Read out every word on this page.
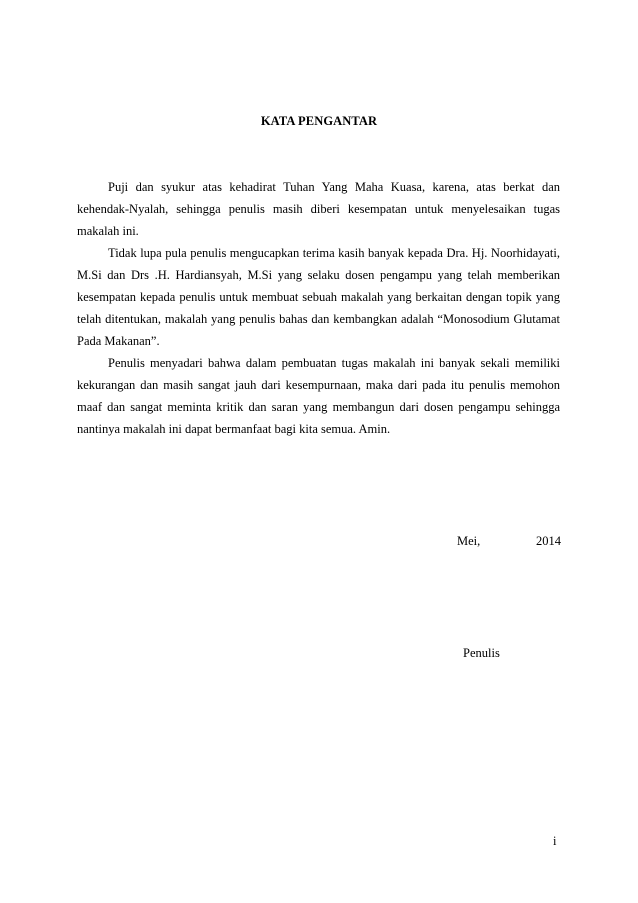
KATA PENGANTAR

Puji dan syukur atas kehadirat Tuhan Yang Maha Kuasa, karena, atas berkat dan kehendak-Nyalah, sehingga penulis masih diberi kesempatan untuk menyelesaikan tugas makalah ini.

Tidak lupa pula penulis mengucapkan terima kasih banyak kepada Dra. Hj. Noorhidayati, M.Si dan Drs .H. Hardiansyah, M.Si yang selaku dosen pengampu yang telah memberikan kesempatan kepada penulis untuk membuat sebuah makalah yang berkaitan dengan topik yang telah ditentukan, makalah yang penulis bahas dan kembangkan adalah “Monosodium Glutamat Pada Makanan”.

Penulis menyadari bahwa dalam pembuatan tugas makalah ini banyak sekali memiliki kekurangan dan masih sangat jauh dari kesempurnaan, maka dari pada itu penulis memohon maaf dan sangat meminta kritik dan saran yang membangun dari dosen pengampu sehingga nantinya makalah ini dapat bermanfaat bagi kita semua. Amin.

Mei,	2014
Penulis
i
